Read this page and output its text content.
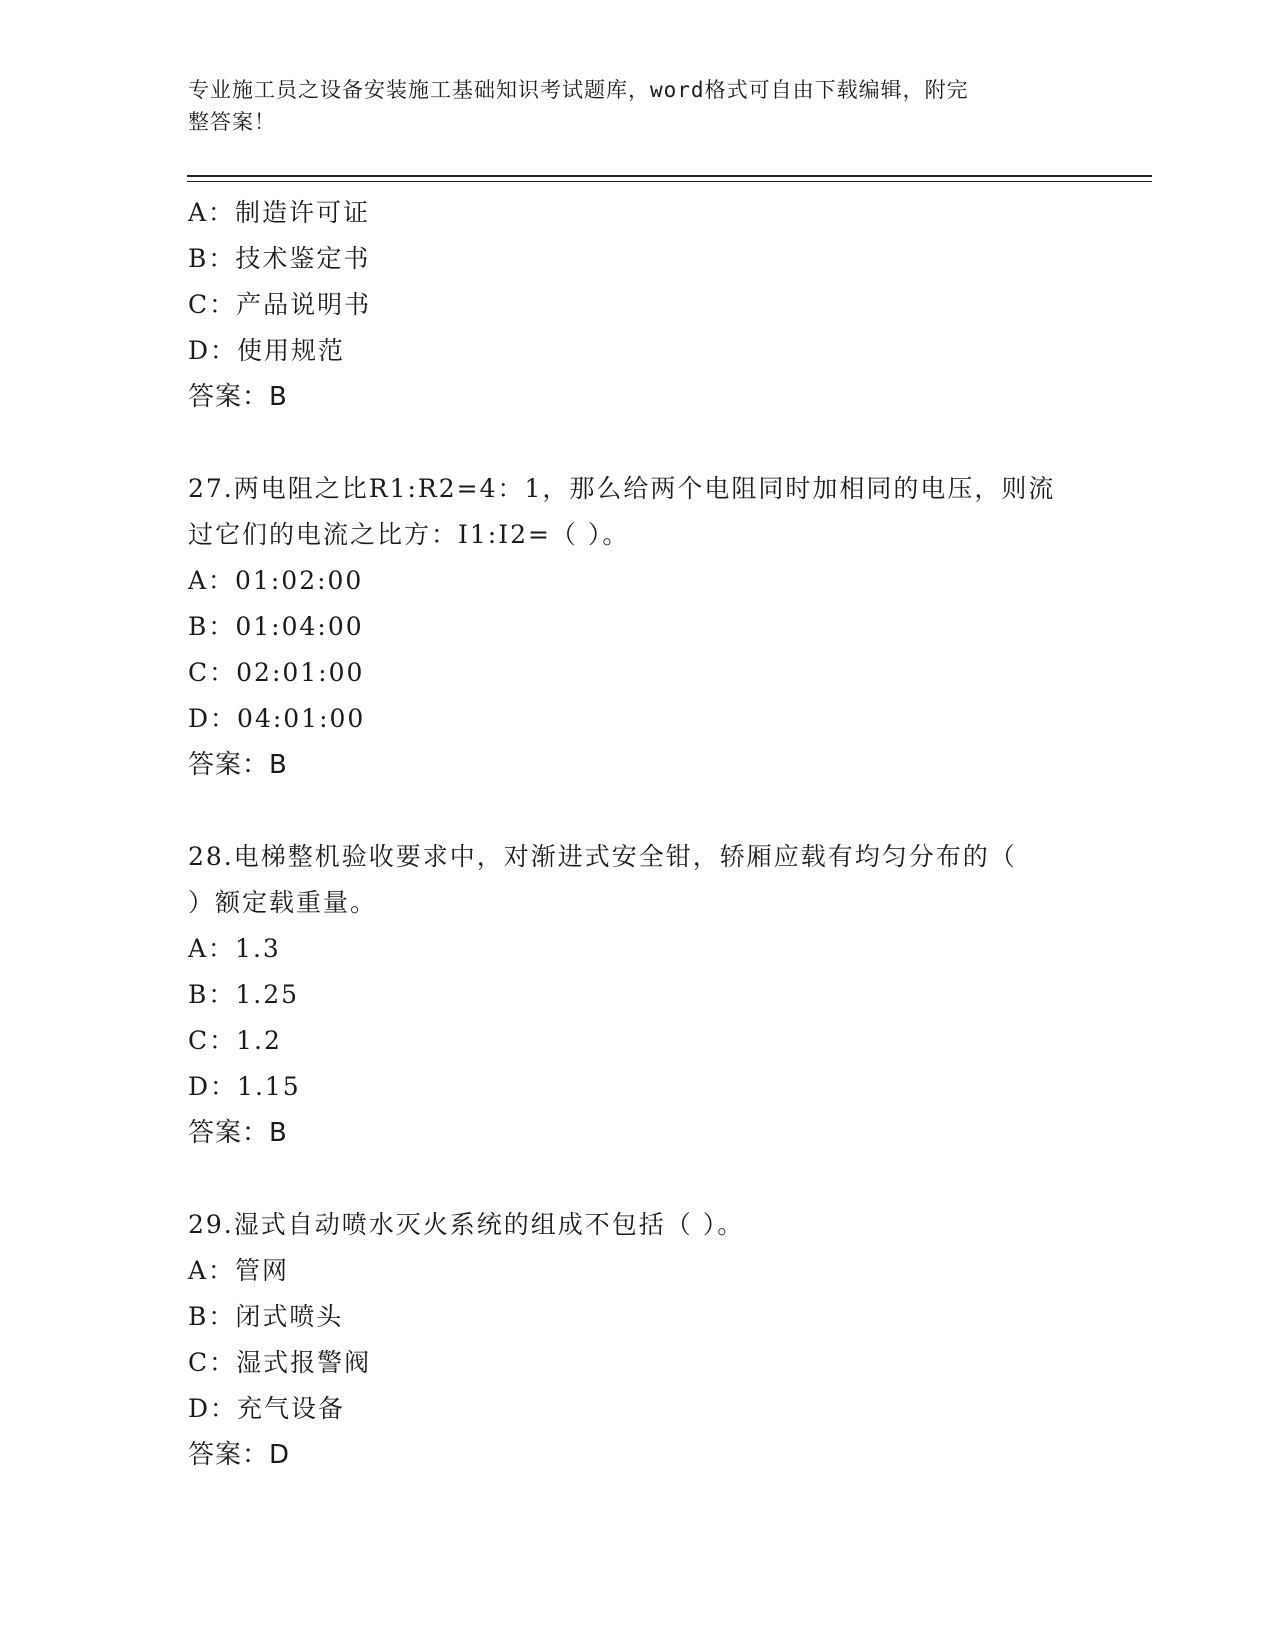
专业施工员之设备安装施工基础知识考试题库，word格式可自由下载编辑，附完
整答案！
A：制造许可证
B：技术鉴定书
C：产品说明书
D：使用规范
答案：B
27.两电阻之比R1:R2=4：1，那么给两个电阻同时加相同的电压，则流
过它们的电流之比方：I1:I2=（ ）。
A：01:02:00
B：01:04:00
C：02:01:00
D：04:01:00
答案：B
28.电梯整机验收要求中，对渐进式安全钳，轿厢应载有均匀分布的（
）额定载重量。
A：1.3
B：1.25
C：1.2
D：1.15
答案：B
29.湿式自动喷水灭火系统的组成不包括（ ）。
A：管网
B：闭式喷头
C：湿式报警阀
D：充气设备
答案：D
